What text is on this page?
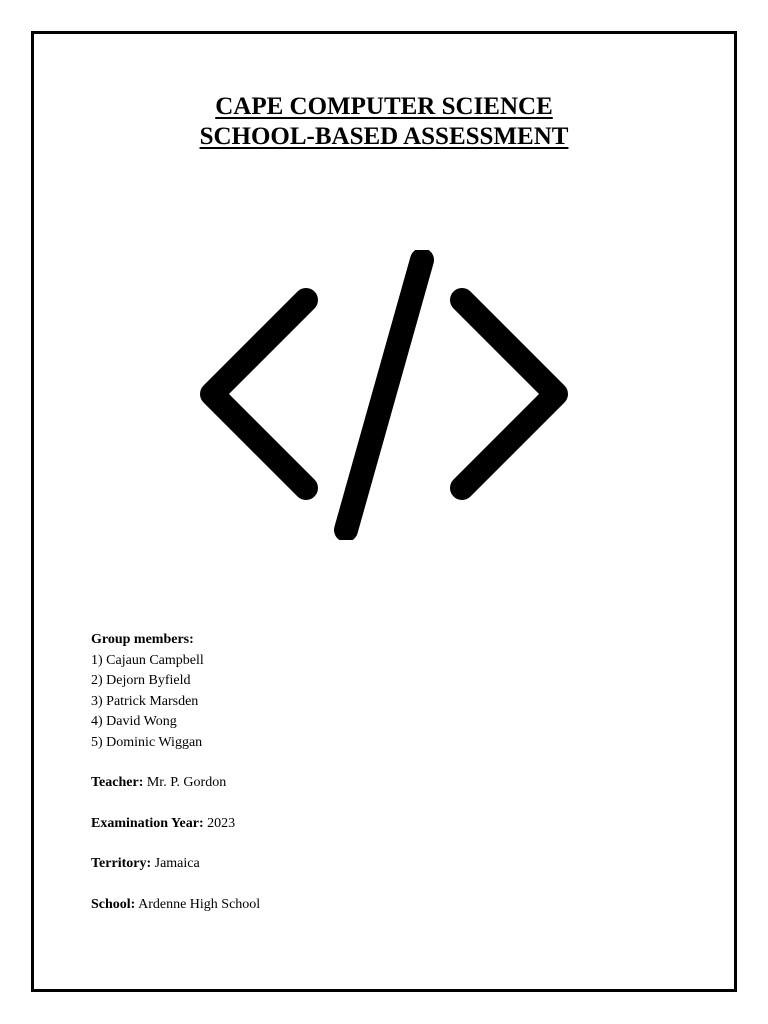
CAPE COMPUTER SCIENCE
SCHOOL-BASED ASSESSMENT
Group members:
1) Cajaun Campbell
2) Dejorn Byfield
3) Patrick Marsden
4) David Wong
5) Dominic Wiggan
Teacher: Mr. P. Gordon
Examination Year: 2023
Territory: Jamaica
School: Ardenne High School
